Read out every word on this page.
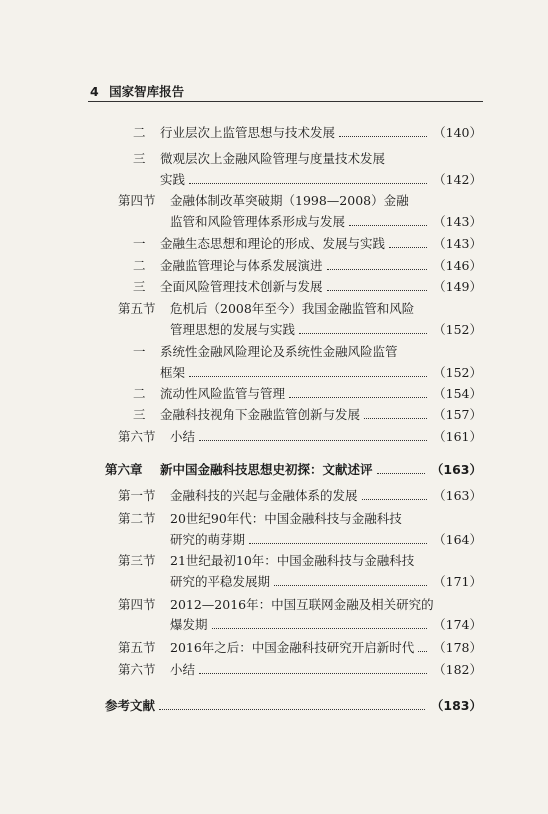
4 国家智库报告
二 行业层次上监管思想与技术发展	（140）
三 微观层次上金融风险管理与度量技术发展
实践	（142）
第四节 金融体制改革突破期（1998—2008）金融
监管和风险管理体系形成与发展	（143）
一 金融生态思想和理论的形成、发展与实践	（143）
二 金融监管理论与体系发展演进	（146）
三 全面风险管理技术创新与发展	（149）
第五节 危机后（2008年至今）我国金融监管和风险
管理思想的发展与实践	（152）
一 系统性金融风险理论及系统性金融风险监管
框架	（152）
二 流动性风险监管与管理	（154）
三 金融科技视角下金融监管创新与发展	（157）
第六节 小结	（161）
第六章 新中国金融科技思想史初探：文献述评	（163）
第一节 金融科技的兴起与金融体系的发展	（163）
第二节 20世纪90年代：中国金融科技与金融科技
研究的萌芽期	（164）
第三节 21世纪最初10年：中国金融科技与金融科技
研究的平稳发展期	（171）
第四节 2012—2016年：中国互联网金融及相关研究的
爆发期	（174）
第五节 2016年之后：中国金融科技研究开启新时代 （178）
第六节 小结	（182）
参考文献	（183）
